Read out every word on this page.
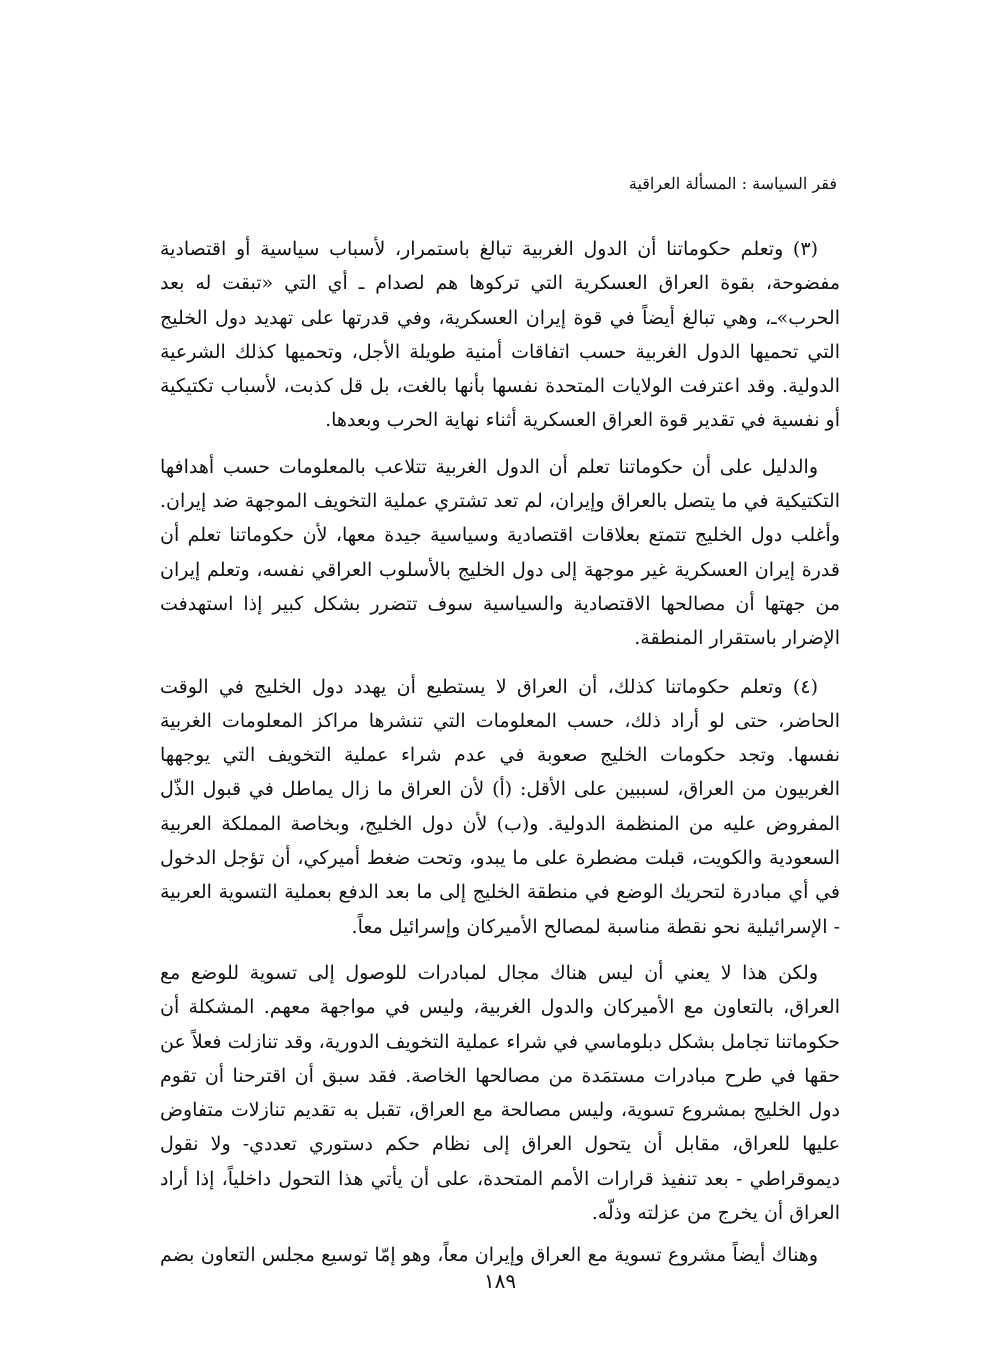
فقر السياسة : المسألة العراقية

(٣) وتعلم حكوماتنا أن الدول الغربية تبالغ باستمرار، لأسباب سياسية أو اقتصادية مفضوحة، بقوة العراق العسكرية التي تركوها هم لصدام ـ أي التي «تبقت له بعد الحرب»ـ، وهي تبالغ أيضاً في قوة إيران العسكرية، وفي قدرتها على تهديد دول الخليج التي تحميها الدول الغربية حسب اتفاقات أمنية طويلة الأجل، وتحميها كذلك الشرعية الدولية. وقد اعترفت الولايات المتحدة نفسها بأنها بالغت، بل قل كذبت، لأسباب تكتيكية أو نفسية في تقدير قوة العراق العسكرية أثناء نهاية الحرب وبعدها.

والدليل على أن حكوماتنا تعلم أن الدول الغربية تتلاعب بالمعلومات حسب أهدافها التكتيكية في ما يتصل بالعراق وإيران، لم تعد تشتري عملية التخويف الموجهة ضد إيران. وأغلب دول الخليج تتمتع بعلاقات اقتصادية وسياسية جيدة معها، لأن حكوماتنا تعلم أن قدرة إيران العسكرية غير موجهة إلى دول الخليج بالأسلوب العراقي نفسه، وتعلم إيران من جهتها أن مصالحها الاقتصادية والسياسية سوف تتضرر بشكل كبير إذا استهدفت الإضرار باستقرار المنطقة.

(٤) وتعلم حكوماتنا كذلك، أن العراق لا يستطيع أن يهدد دول الخليج في الوقت الحاضر، حتى لو أراد ذلك، حسب المعلومات التي تنشرها مراكز المعلومات الغربية نفسها. وتجد حكومات الخليج صعوبة في عدم شراء عملية التخويف التي يوجهها الغربيون من العراق، لسببين على الأقل: (أ) لأن العراق ما زال يماطل في قبول الذّل المفروض عليه من المنظمة الدولية. و(ب) لأن دول الخليج، وبخاصة المملكة العربية السعودية والكويت، قبلت مضطرة على ما يبدو، وتحت ضغط أميركي، أن تؤجل الدخول في أي مبادرة لتحريك الوضع في منطقة الخليج إلى ما بعد الدفع بعملية التسوية العربية - الإسرائيلية نحو نقطة مناسبة لمصالح الأميركان وإسرائيل معاً.

ولكن هذا لا يعني أن ليس هناك مجال لمبادرات للوصول إلى تسوية للوضع مع العراق، بالتعاون مع الأميركان والدول الغربية، وليس في مواجهة معهم. المشكلة أن حكوماتنا تجامل بشكل دبلوماسي في شراء عملية التخويف الدورية، وقد تنازلت فعلاً عن حقها في طرح مبادرات مستمَدة من مصالحها الخاصة. فقد سبق أن اقترحنا أن تقوم دول الخليج بمشروع تسوية، وليس مصالحة مع العراق، تقبل به تقديم تنازلات متفاوض عليها للعراق، مقابل أن يتحول العراق إلى نظام حكم دستوري تعددي- ولا نقول ديموقراطي - بعد تنفيذ قرارات الأمم المتحدة، على أن يأتي هذا التحول داخلياً، إذا أراد العراق أن يخرج من عزلته وذلّه.

وهناك أيضاً مشروع تسوية مع العراق وإيران معاً، وهو إمّا توسيع مجلس التعاون بضم

١٨٩
